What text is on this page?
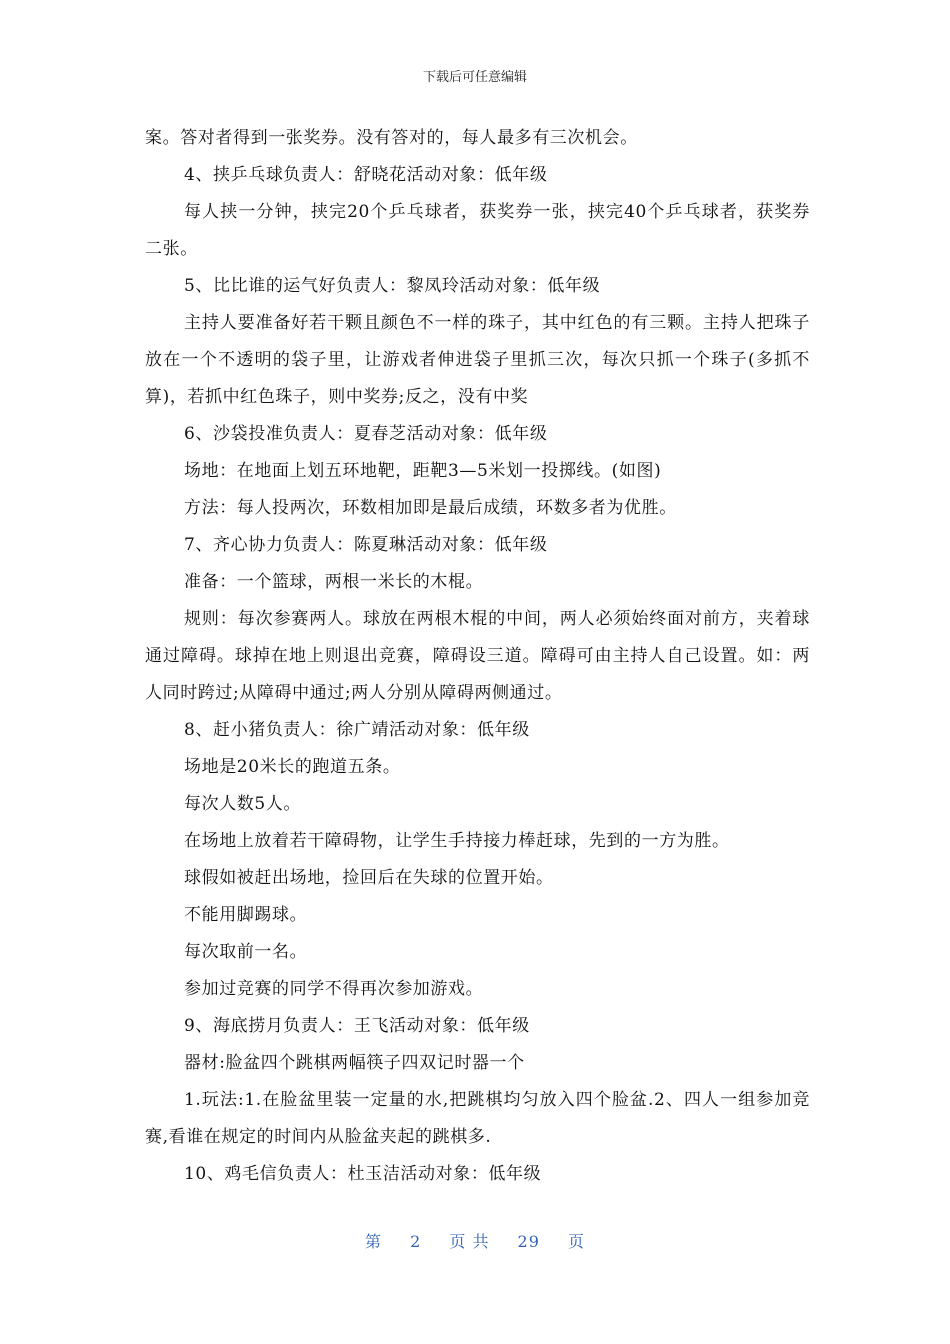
下载后可任意编辑

案。答对者得到一张奖券。没有答对的，每人最多有三次机会。

4、挟乒乓球负责人：舒晓花活动对象：低年级

每人挟一分钟，挟完20个乒乓球者，获奖券一张，挟完40个乒乓球者，获奖券二张。

5、比比谁的运气好负责人：黎凤玲活动对象：低年级

主持人要准备好若干颗且颜色不一样的珠子，其中红色的有三颗。主持人把珠子放在一个不透明的袋子里，让游戏者伸进袋子里抓三次，每次只抓一个珠子(多抓不算)，若抓中红色珠子，则中奖券;反之，没有中奖

6、沙袋投准负责人：夏春芝活动对象：低年级

场地：在地面上划五环地靶，距靶3—5米划一投掷线。(如图)

方法：每人投两次，环数相加即是最后成绩，环数多者为优胜。

7、齐心协力负责人：陈夏琳活动对象：低年级

准备：一个篮球，两根一米长的木棍。

规则：每次参赛两人。球放在两根木棍的中间，两人必须始终面对前方，夹着球通过障碍。球掉在地上则退出竞赛，障碍设三道。障碍可由主持人自己设置。如：两人同时跨过;从障碍中通过;两人分别从障碍两侧通过。

8、赶小猪负责人：徐广靖活动对象：低年级

场地是20米长的跑道五条。

每次人数5人。

在场地上放着若干障碍物，让学生手持接力棒赶球，先到的一方为胜。

球假如被赶出场地，捡回后在失球的位置开始。

不能用脚踢球。

每次取前一名。

参加过竞赛的同学不得再次参加游戏。

9、海底捞月负责人：王飞活动对象：低年级

器材:脸盆四个跳棋两幅筷子四双记时器一个

1.玩法:1.在脸盆里装一定量的水,把跳棋均匀放入四个脸盆.2、四人一组参加竞赛,看谁在规定的时间内从脸盆夹起的跳棋多.

10、鸡毛信负责人：杜玉洁活动对象：低年级

第 2 页 共 29 页
